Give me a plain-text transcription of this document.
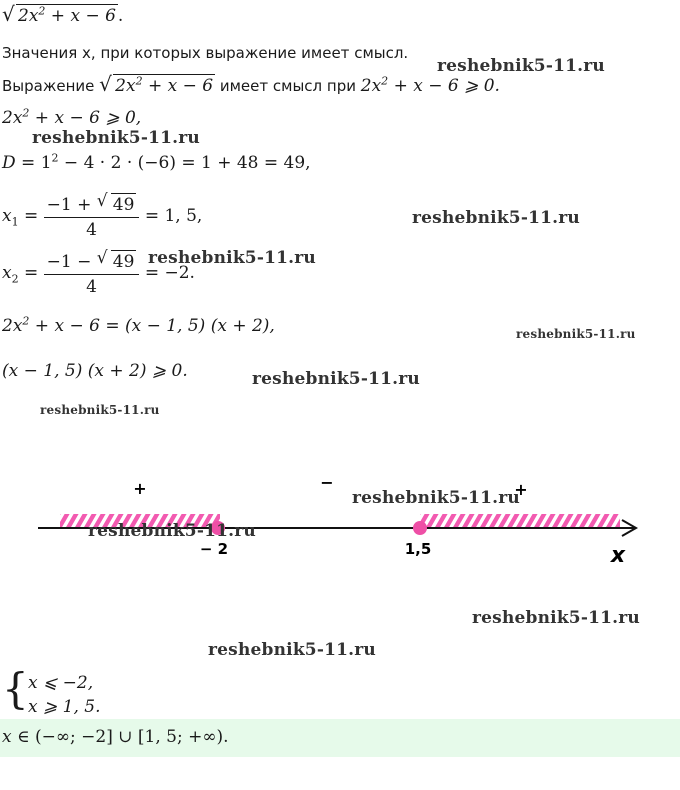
√ $2x^2 + x - 6$ .
Значения x, при которых выражение имеет смысл.
Выражение √ $2x^2 + x - 6$ имеет смысл при $2x^2 + x - 6$ ⩾ 0.
$2x^2 + x - 6$ ⩾ 0,
$D = 1^2 - 4 \cdot 2 \cdot (-6) = 1 + 48 = 49$,
$x_1 = \frac{-1 + √ 49}{4} = 1$, 5,
$x_2 = \frac{-1 - √ 49}{4} = -2$.
$2x^2 + x - 6 = (x - 1$, 5) (x + 2),
(x − 1, 5) (x + 2) ⩾ 0.
+	−	+
− 2	1,5	x
{ x ⩽ −2,
x ⩾ 1, 5.
x ∈ (−∞; −2] ∪ [1, 5; +∞).
reshebnik5-11.ru
reshebnik5-11.ru
reshebnik5-11.ru
reshebnik5-11.ru
reshebnik5-11.ru
reshebnik5-11.ru
reshebnik5-11.ru
reshebnik5-11.ru
reshebnik5-11.ru
reshebnik5-11.ru
reshebnik5-11.ru
